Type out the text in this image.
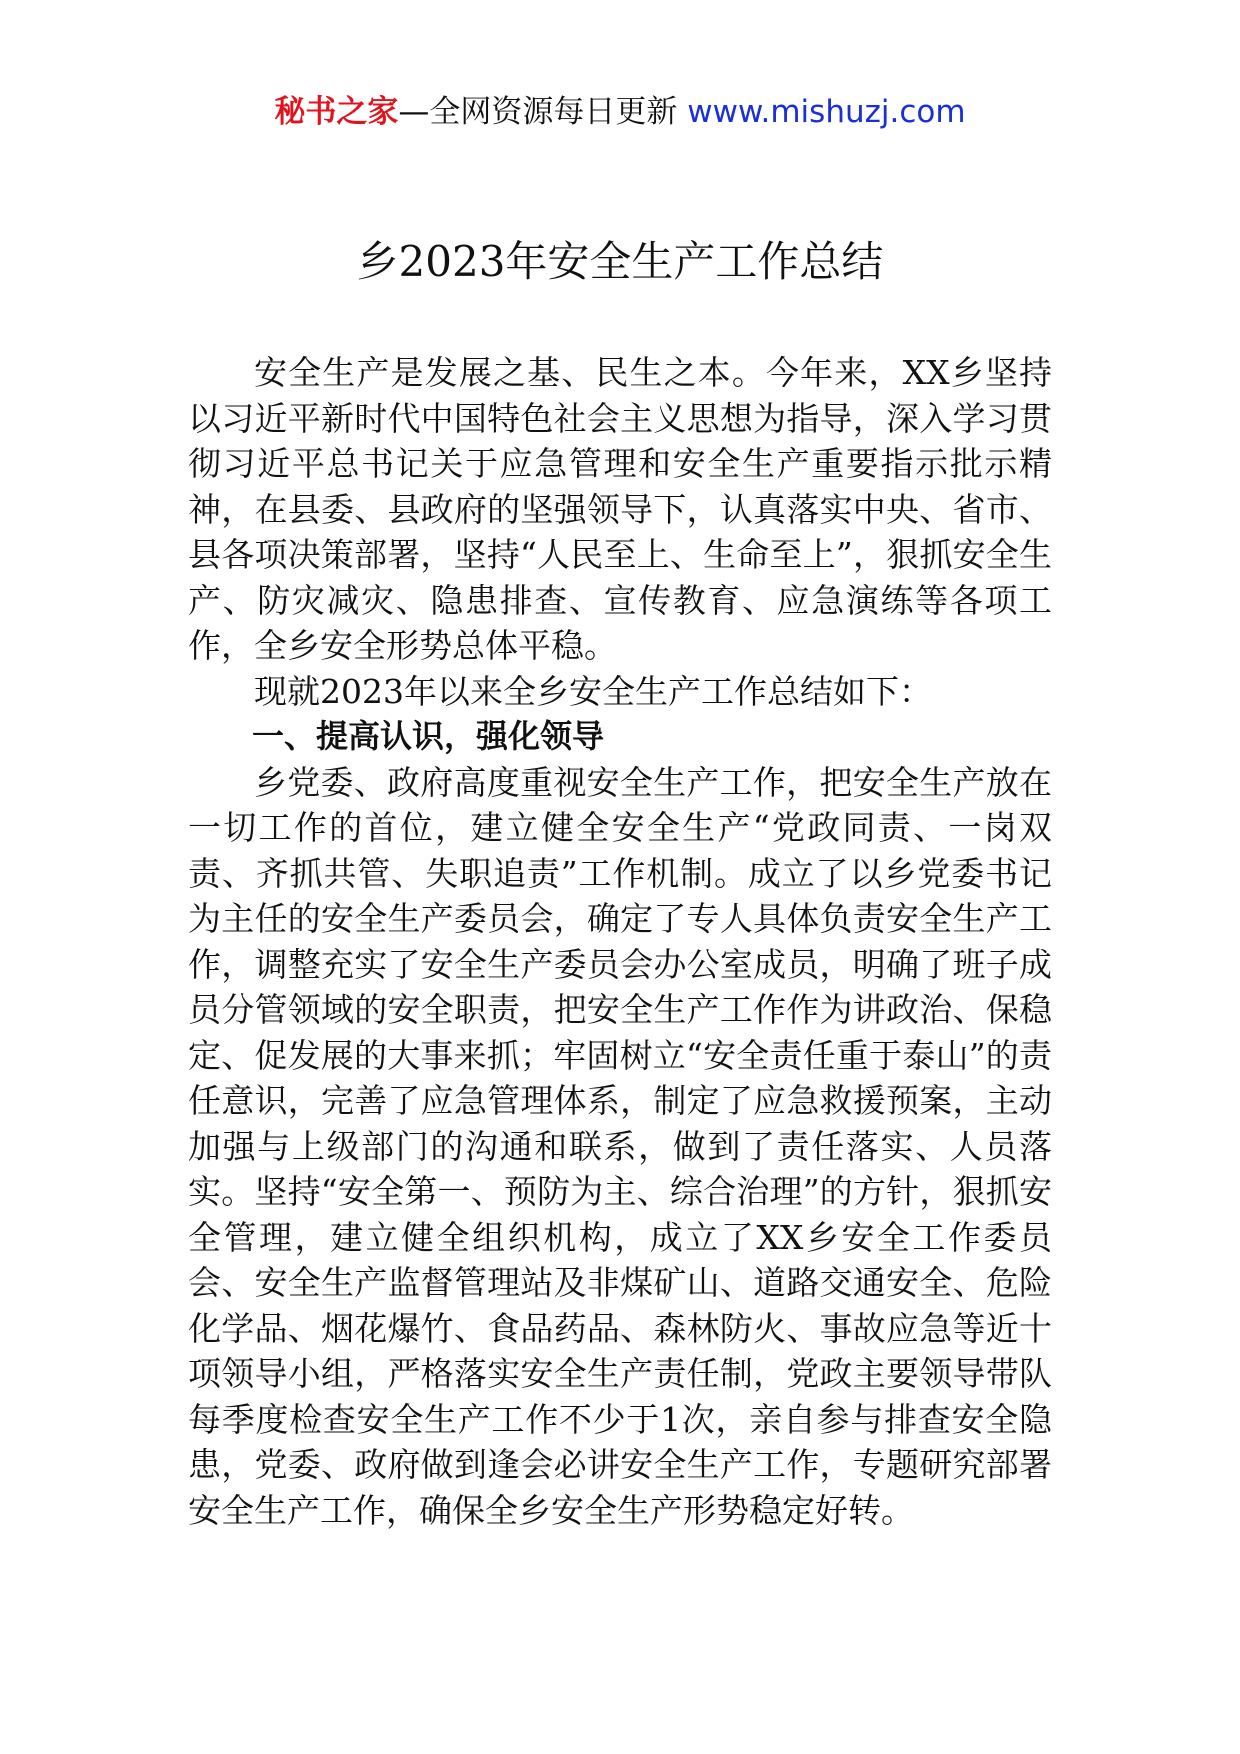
秘书之家—全网资源每日更新 www.mishuzj.com
乡2023年安全生产工作总结

安全生产是发展之基、民生之本。今年来，XX乡坚持以习近平新时代中国特色社会主义思想为指导，深入学习贯彻习近平总书记关于应急管理和安全生产重要指示批示精神，在县委、县政府的坚强领导下，认真落实中央、省市、县各项决策部署，坚持“人民至上、生命至上”，狠抓安全生产、防灾减灾、隐患排查、宣传教育、应急演练等各项工作，全乡安全形势总体平稳。

现就2023年以来全乡安全生产工作总结如下：

一、提高认识，强化领导

乡党委、政府高度重视安全生产工作，把安全生产放在一切工作的首位，建立健全安全生产“党政同责、一岗双责、齐抓共管、失职追责”工作机制。成立了以乡党委书记为主任的安全生产委员会，确定了专人具体负责安全生产工作，调整充实了安全生产委员会办公室成员，明确了班子成员分管领域的安全职责，把安全生产工作作为讲政治、保稳定、促发展的大事来抓；牢固树立“安全责任重于泰山”的责任意识，完善了应急管理体系，制定了应急救援预案，主动加强与上级部门的沟通和联系，做到了责任落实、人员落实。坚持“安全第一、预防为主、综合治理”的方针，狠抓安全管理，建立健全组织机构，成立了XX乡安全工作委员会、安全生产监督管理站及非煤矿山、道路交通安全、危险化学品、烟花爆竹、食品药品、森林防火、事故应急等近十项领导小组，严格落实安全生产责任制，党政主要领导带队每季度检查安全生产工作不少于1次，亲自参与排查安全隐患，党委、政府做到逢会必讲安全生产工作，专题研究部署安全生产工作，确保全乡安全生产形势稳定好转。
